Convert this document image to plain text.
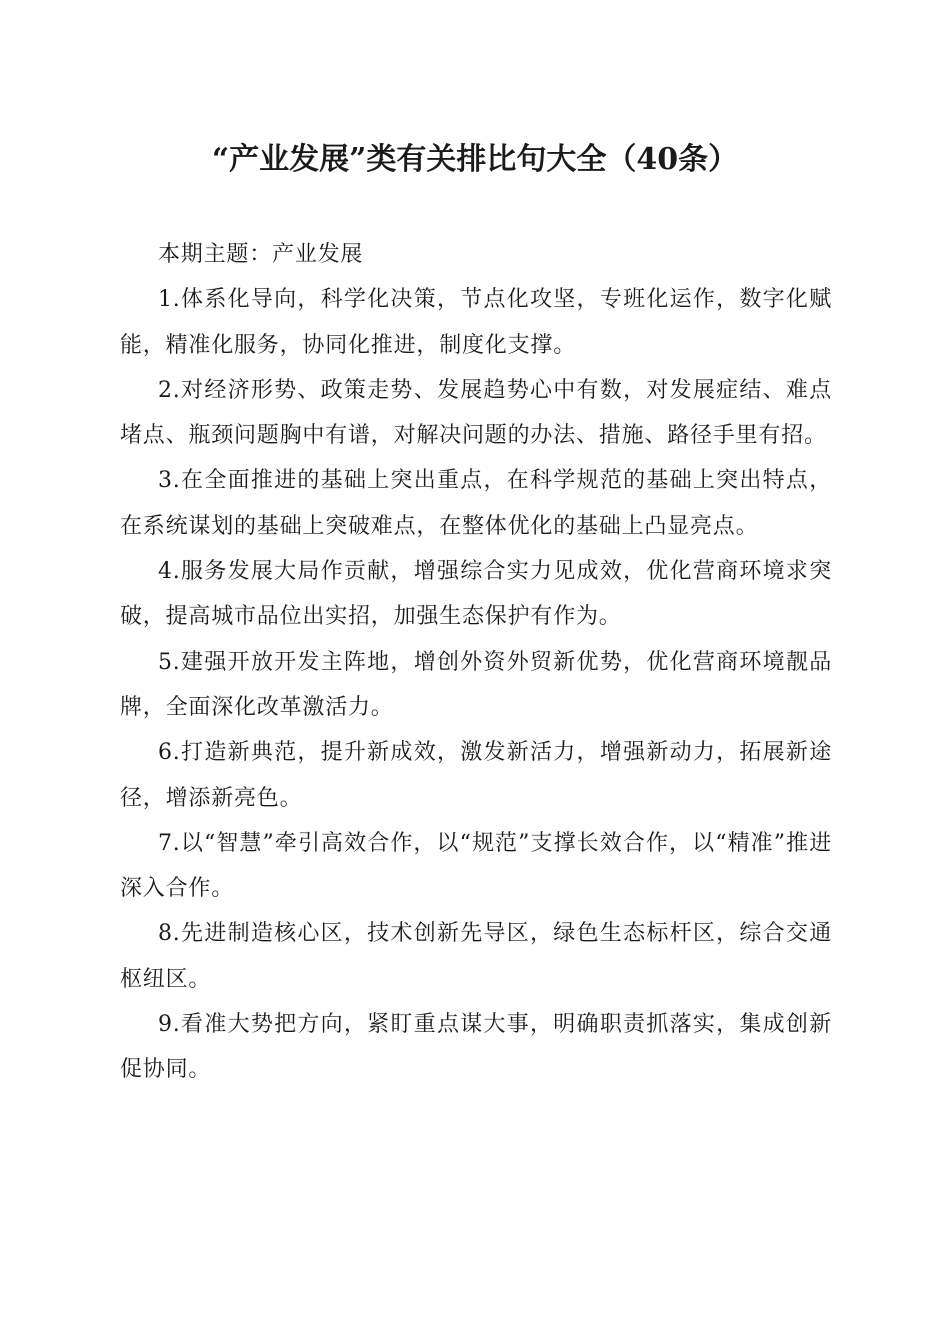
“产业发展”类有关排比句大全（40条）

本期主题：产业发展

1.体系化导向，科学化决策，节点化攻坚，专班化运作，数字化赋能，精准化服务，协同化推进，制度化支撑。

2.对经济形势、政策走势、发展趋势心中有数，对发展症结、难点堵点、瓶颈问题胸中有谱，对解决问题的办法、措施、路径手里有招。

3.在全面推进的基础上突出重点，在科学规范的基础上突出特点，在系统谋划的基础上突破难点，在整体优化的基础上凸显亮点。

4.服务发展大局作贡献，增强综合实力见成效，优化营商环境求突破，提高城市品位出实招，加强生态保护有作为。

5.建强开放开发主阵地，增创外资外贸新优势，优化营商环境靓品牌，全面深化改革激活力。

6.打造新典范，提升新成效，激发新活力，增强新动力，拓展新途径，增添新亮色。

7.以“智慧”牵引高效合作，以“规范”支撑长效合作，以“精准”推进深入合作。

8.先进制造核心区，技术创新先导区，绿色生态标杆区，综合交通枢纽区。

9.看准大势把方向，紧盯重点谋大事，明确职责抓落实，集成创新促协同。
